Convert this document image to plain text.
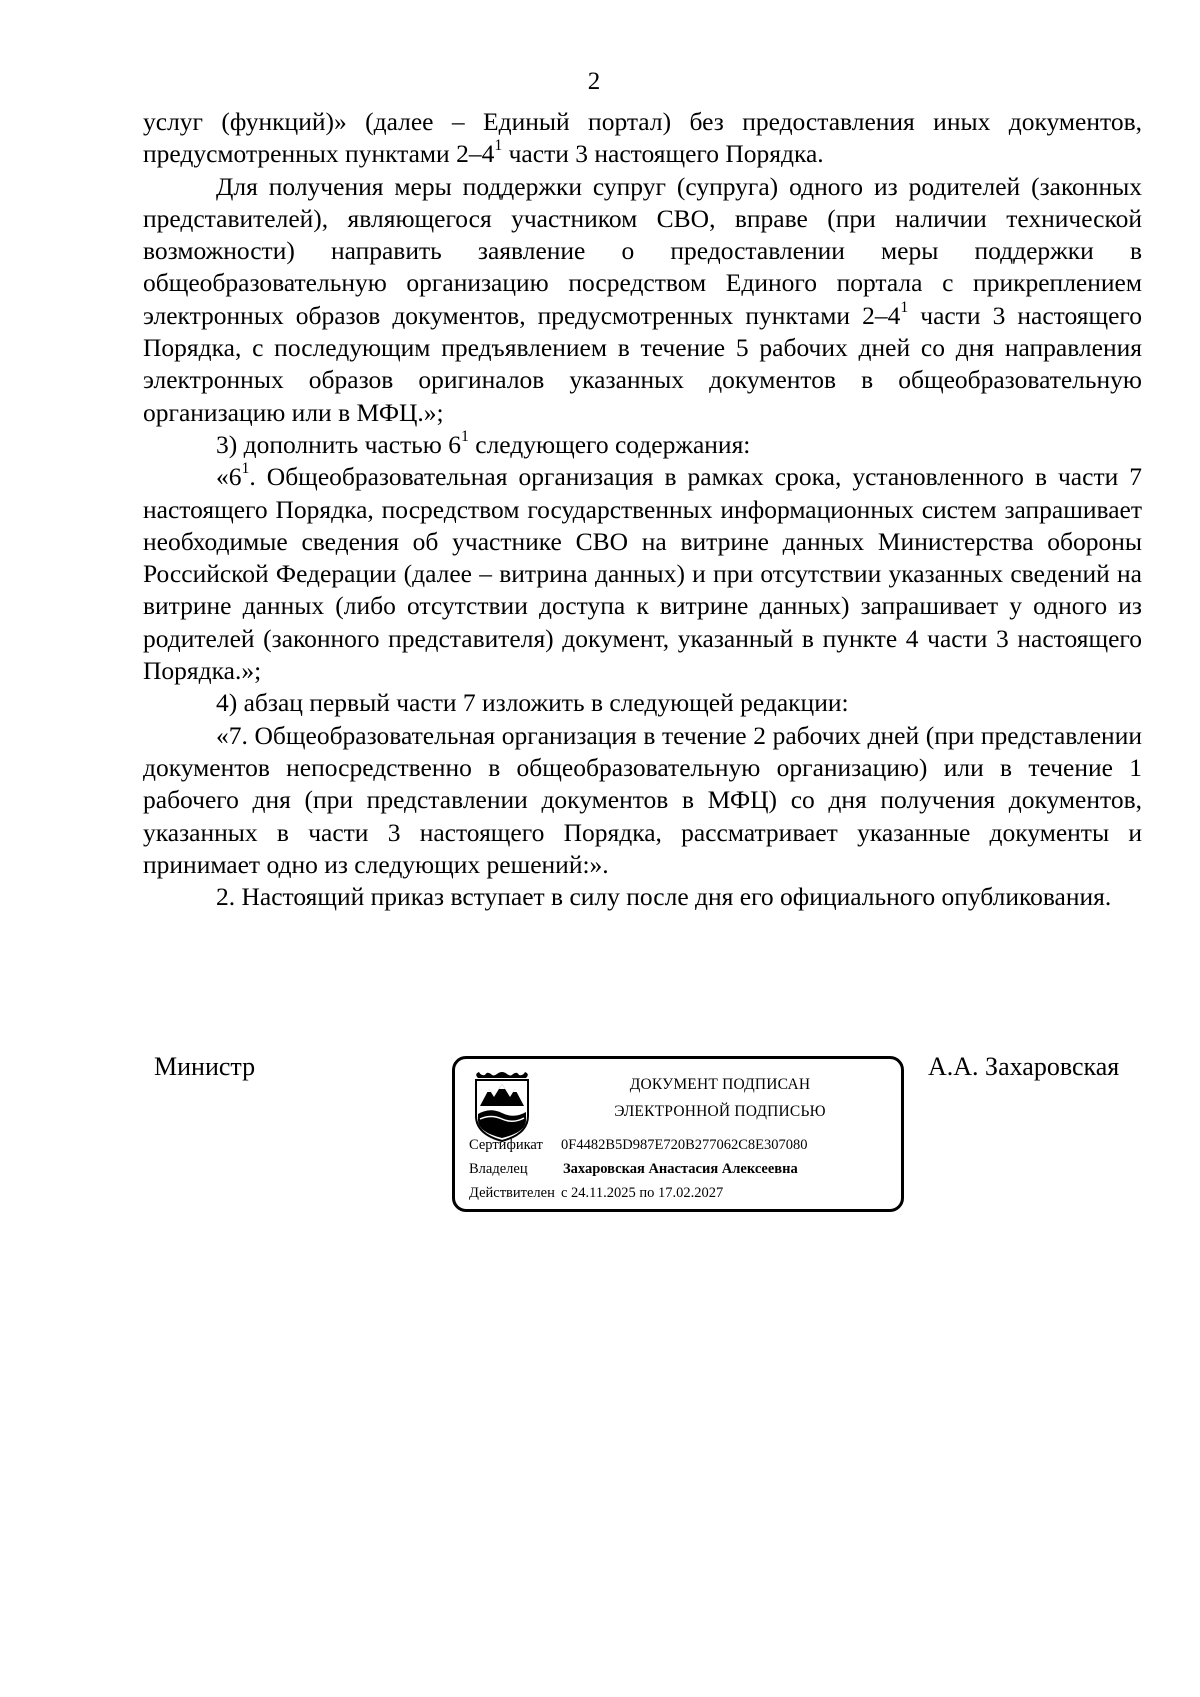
2

услуг (функций)» (далее – Единый портал) без предоставления иных документов, предусмотренных пунктами $2-4^1$ части 3 настоящего Порядка.

Для получения меры поддержки супруг (супруга) одного из родителей (законных представителей), являющегося участником СВО, вправе (при наличии технической возможности) направить заявление о предоставлении меры поддержки в общеобразовательную организацию посредством Единого портала с прикреплением электронных образов документов, предусмотренных пунктами $2-4^1$ части 3 настоящего Порядка, с последующим предъявлением в течение 5 рабочих дней со дня направления электронных образов оригиналов указанных документов в общеобразовательную организацию или в МФЦ.»;

3) дополнить частью $6^1$ следующего содержания:

«$6^1$. Общеобразовательная организация в рамках срока, установленного в части 7 настоящего Порядка, посредством государственных информационных систем запрашивает необходимые сведения об участнике СВО на витрине данных Министерства обороны Российской Федерации (далее – витрина данных) и при отсутствии указанных сведений на витрине данных (либо отсутствии доступа к витрине данных) запрашивает у одного из родителей (законного представителя) документ, указанный в пункте 4 части 3 настоящего Порядка.»;

4) абзац первый части 7 изложить в следующей редакции:

«7. Общеобразовательная организация в течение 2 рабочих дней (при представлении документов непосредственно в общеобразовательную организацию) или в течение 1 рабочего дня (при представлении документов в МФЦ) со дня получения документов, указанных в части 3 настоящего Порядка, рассматривает указанные документы и принимает одно из следующих решений:».

2. Настоящий приказ вступает в силу после дня его официального опубликования.

Министр
ДОКУМЕНТ ПОДПИСАН
ЭЛЕКТРОННОЙ ПОДПИСЬЮ
Сертификат 0F4482B5D987E720B277062C8E307080
Владелец Захаровская Анастасия Алексеевна
Действителен с 24.11.2025 по 17.02.2027
А.А. Захаровская
